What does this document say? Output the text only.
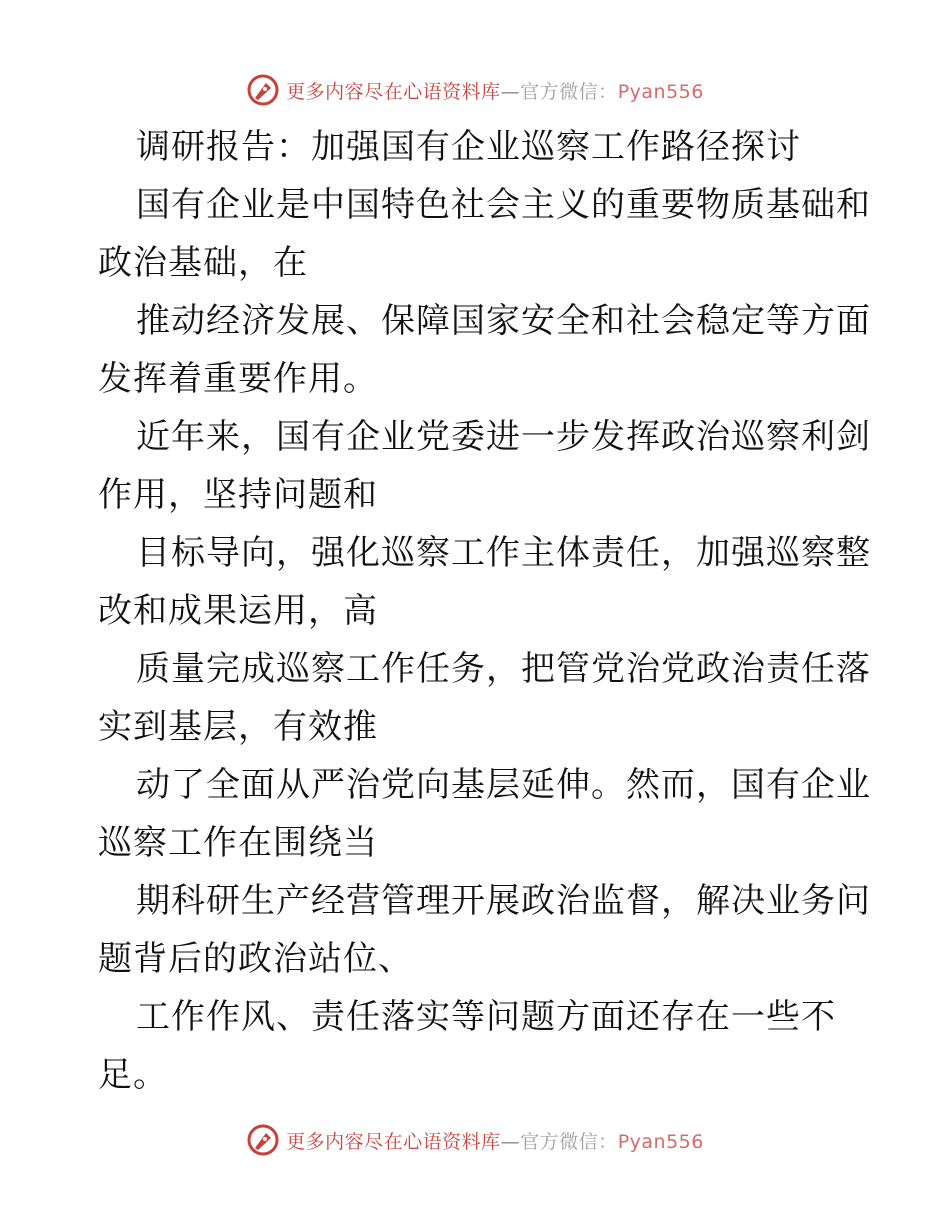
更多内容尽在心语资料库—官方微信：Pyan556
调研报告：加强国有企业巡察工作路径探讨
国有企业是中国特色社会主义的重要物质基础和
政治基础，在
推动经济发展、保障国家安全和社会稳定等方面
发挥着重要作用。
近年来，国有企业党委进一步发挥政治巡察利剑
作用，坚持问题和
目标导向，强化巡察工作主体责任，加强巡察整
改和成果运用，高
质量完成巡察工作任务，把管党治党政治责任落
实到基层，有效推
动了全面从严治党向基层延伸。然而，国有企业
巡察工作在围绕当
期科研生产经营管理开展政治监督，解决业务问
题背后的政治站位、
工作作风、责任落实等问题方面还存在一些不
足。
更多内容尽在心语资料库—官方微信：Pyan556
